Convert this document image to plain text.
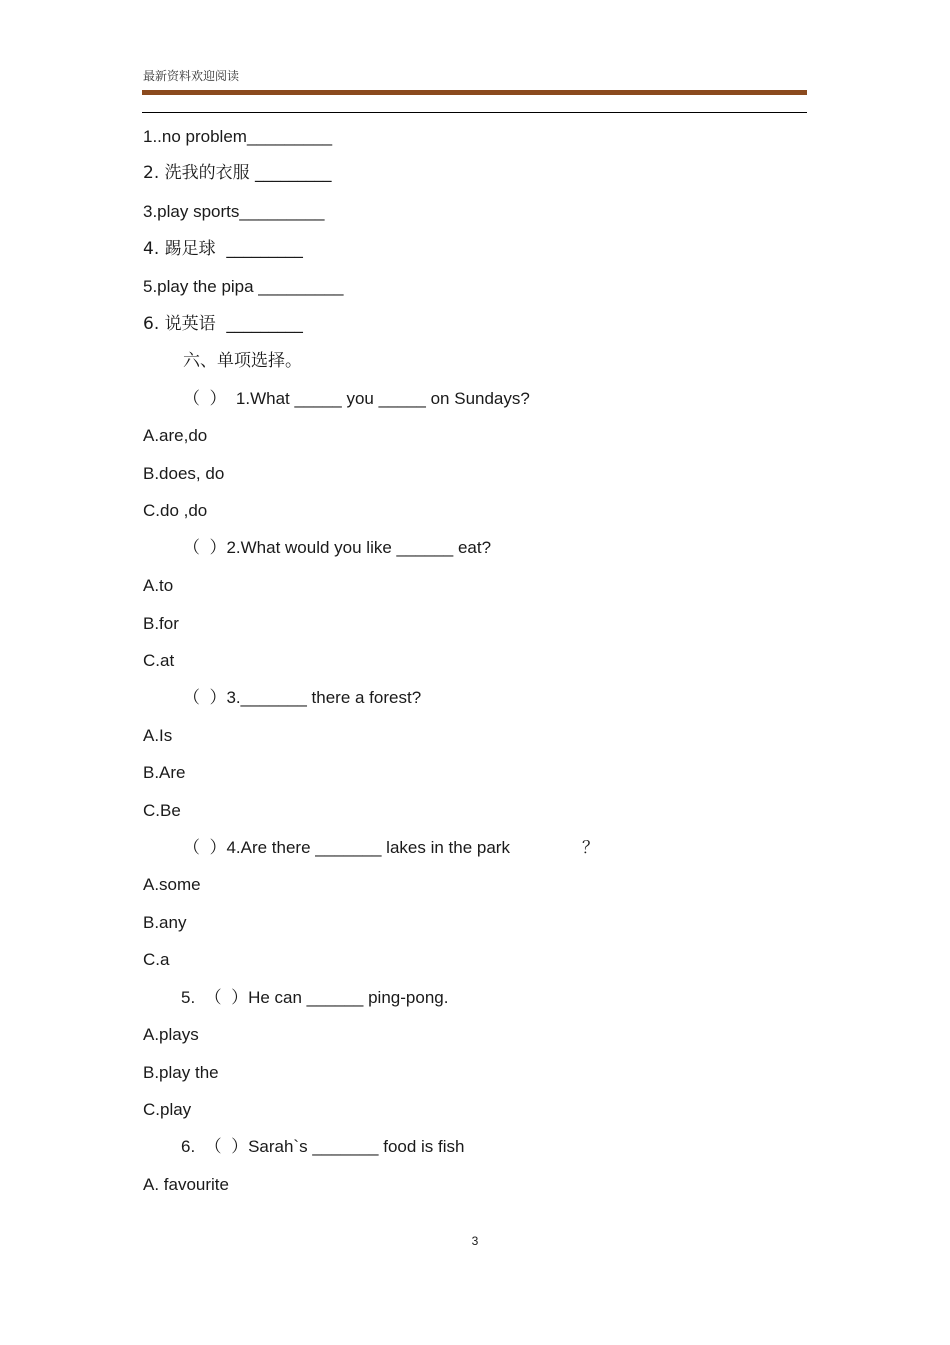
最新资料欢迎阅读
1..no problem_________
2. 洗我的衣服 _________
3.play sports_________
4. 踢足球  _________
5.play the pipa _________
6. 说英语  _________
六、单项选择。
（  ）  1.What _____ you _____ on Sundays?
A.are,do
B.does, do
C.do ,do
（  ）2.What would you like ______ eat?
A.to
B.for
C.at
（  ）3._______ there a forest?
A.Is
B.Are
C.Be
（  ）4.Are there _______ lakes in the park	？
A.some
B.any
C.a
5.  （  ）He can ______ ping-pong.
A.plays
B.play the
C.play
6.  （  ）Sarah`s _______ food is fish
A. favourite
3
